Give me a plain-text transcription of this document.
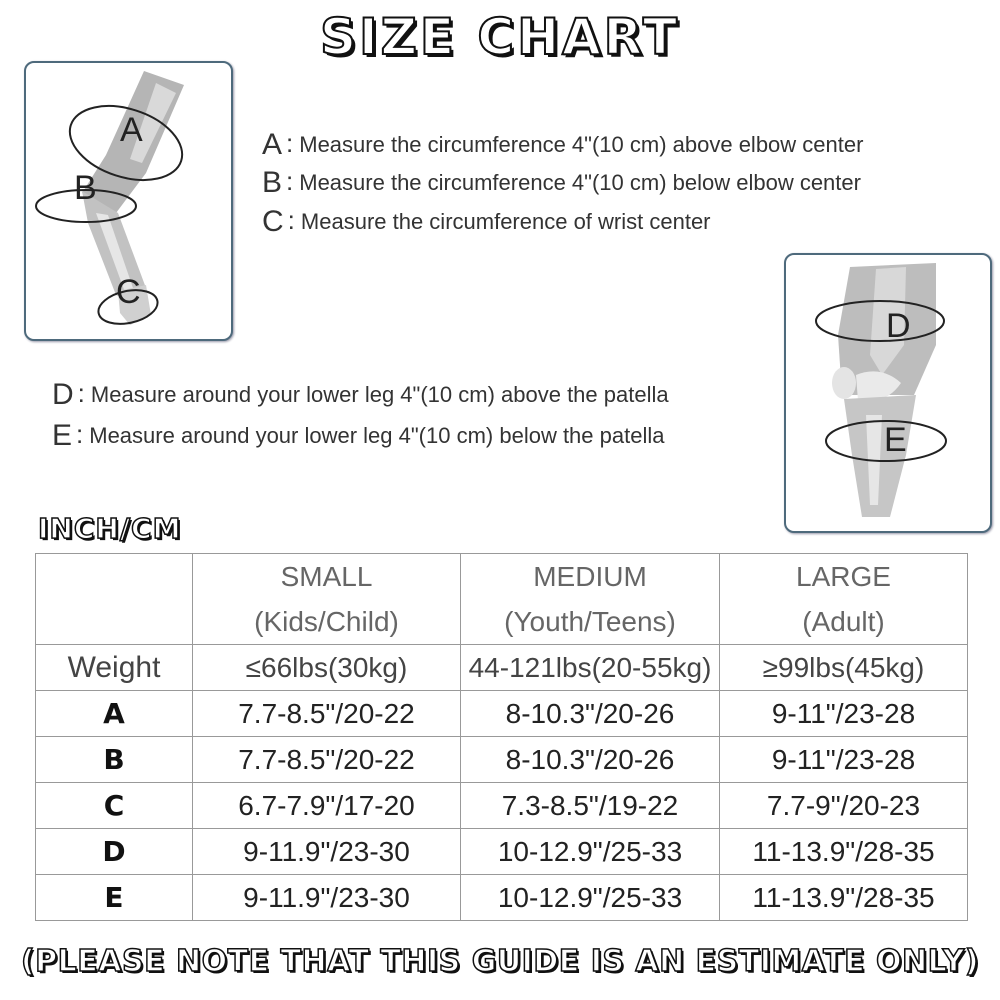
SIZE CHART
A
B
C
A : Measure the circumference 4"(10 cm) above elbow center
B : Measure the circumference 4"(10 cm) below elbow center
C : Measure the circumference of wrist center
D
E
D : Measure around your lower leg 4"(10 cm) above the patella
E : Measure around your lower leg 4"(10 cm) below the patella
INCH/CM
	SMALL	MEDIUM	LARGE
	(Kids/Child)	(Youth/Teens)	(Adult)
Weight	≤66lbs(30kg)	44-121lbs(20-55kg)	≥99lbs(45kg)
A	7.7-8.5"/20-22	8-10.3"/20-26	9-11"/23-28
B	7.7-8.5"/20-22	8-10.3"/20-26	9-11"/23-28
C	6.7-7.9"/17-20	7.3-8.5"/19-22	7.7-9"/20-23
D	9-11.9"/23-30	10-12.9"/25-33	11-13.9"/28-35
E	9-11.9"/23-30	10-12.9"/25-33	11-13.9"/28-35

(PLEASE NOTE THAT THIS GUIDE IS AN ESTIMATE ONLY)
